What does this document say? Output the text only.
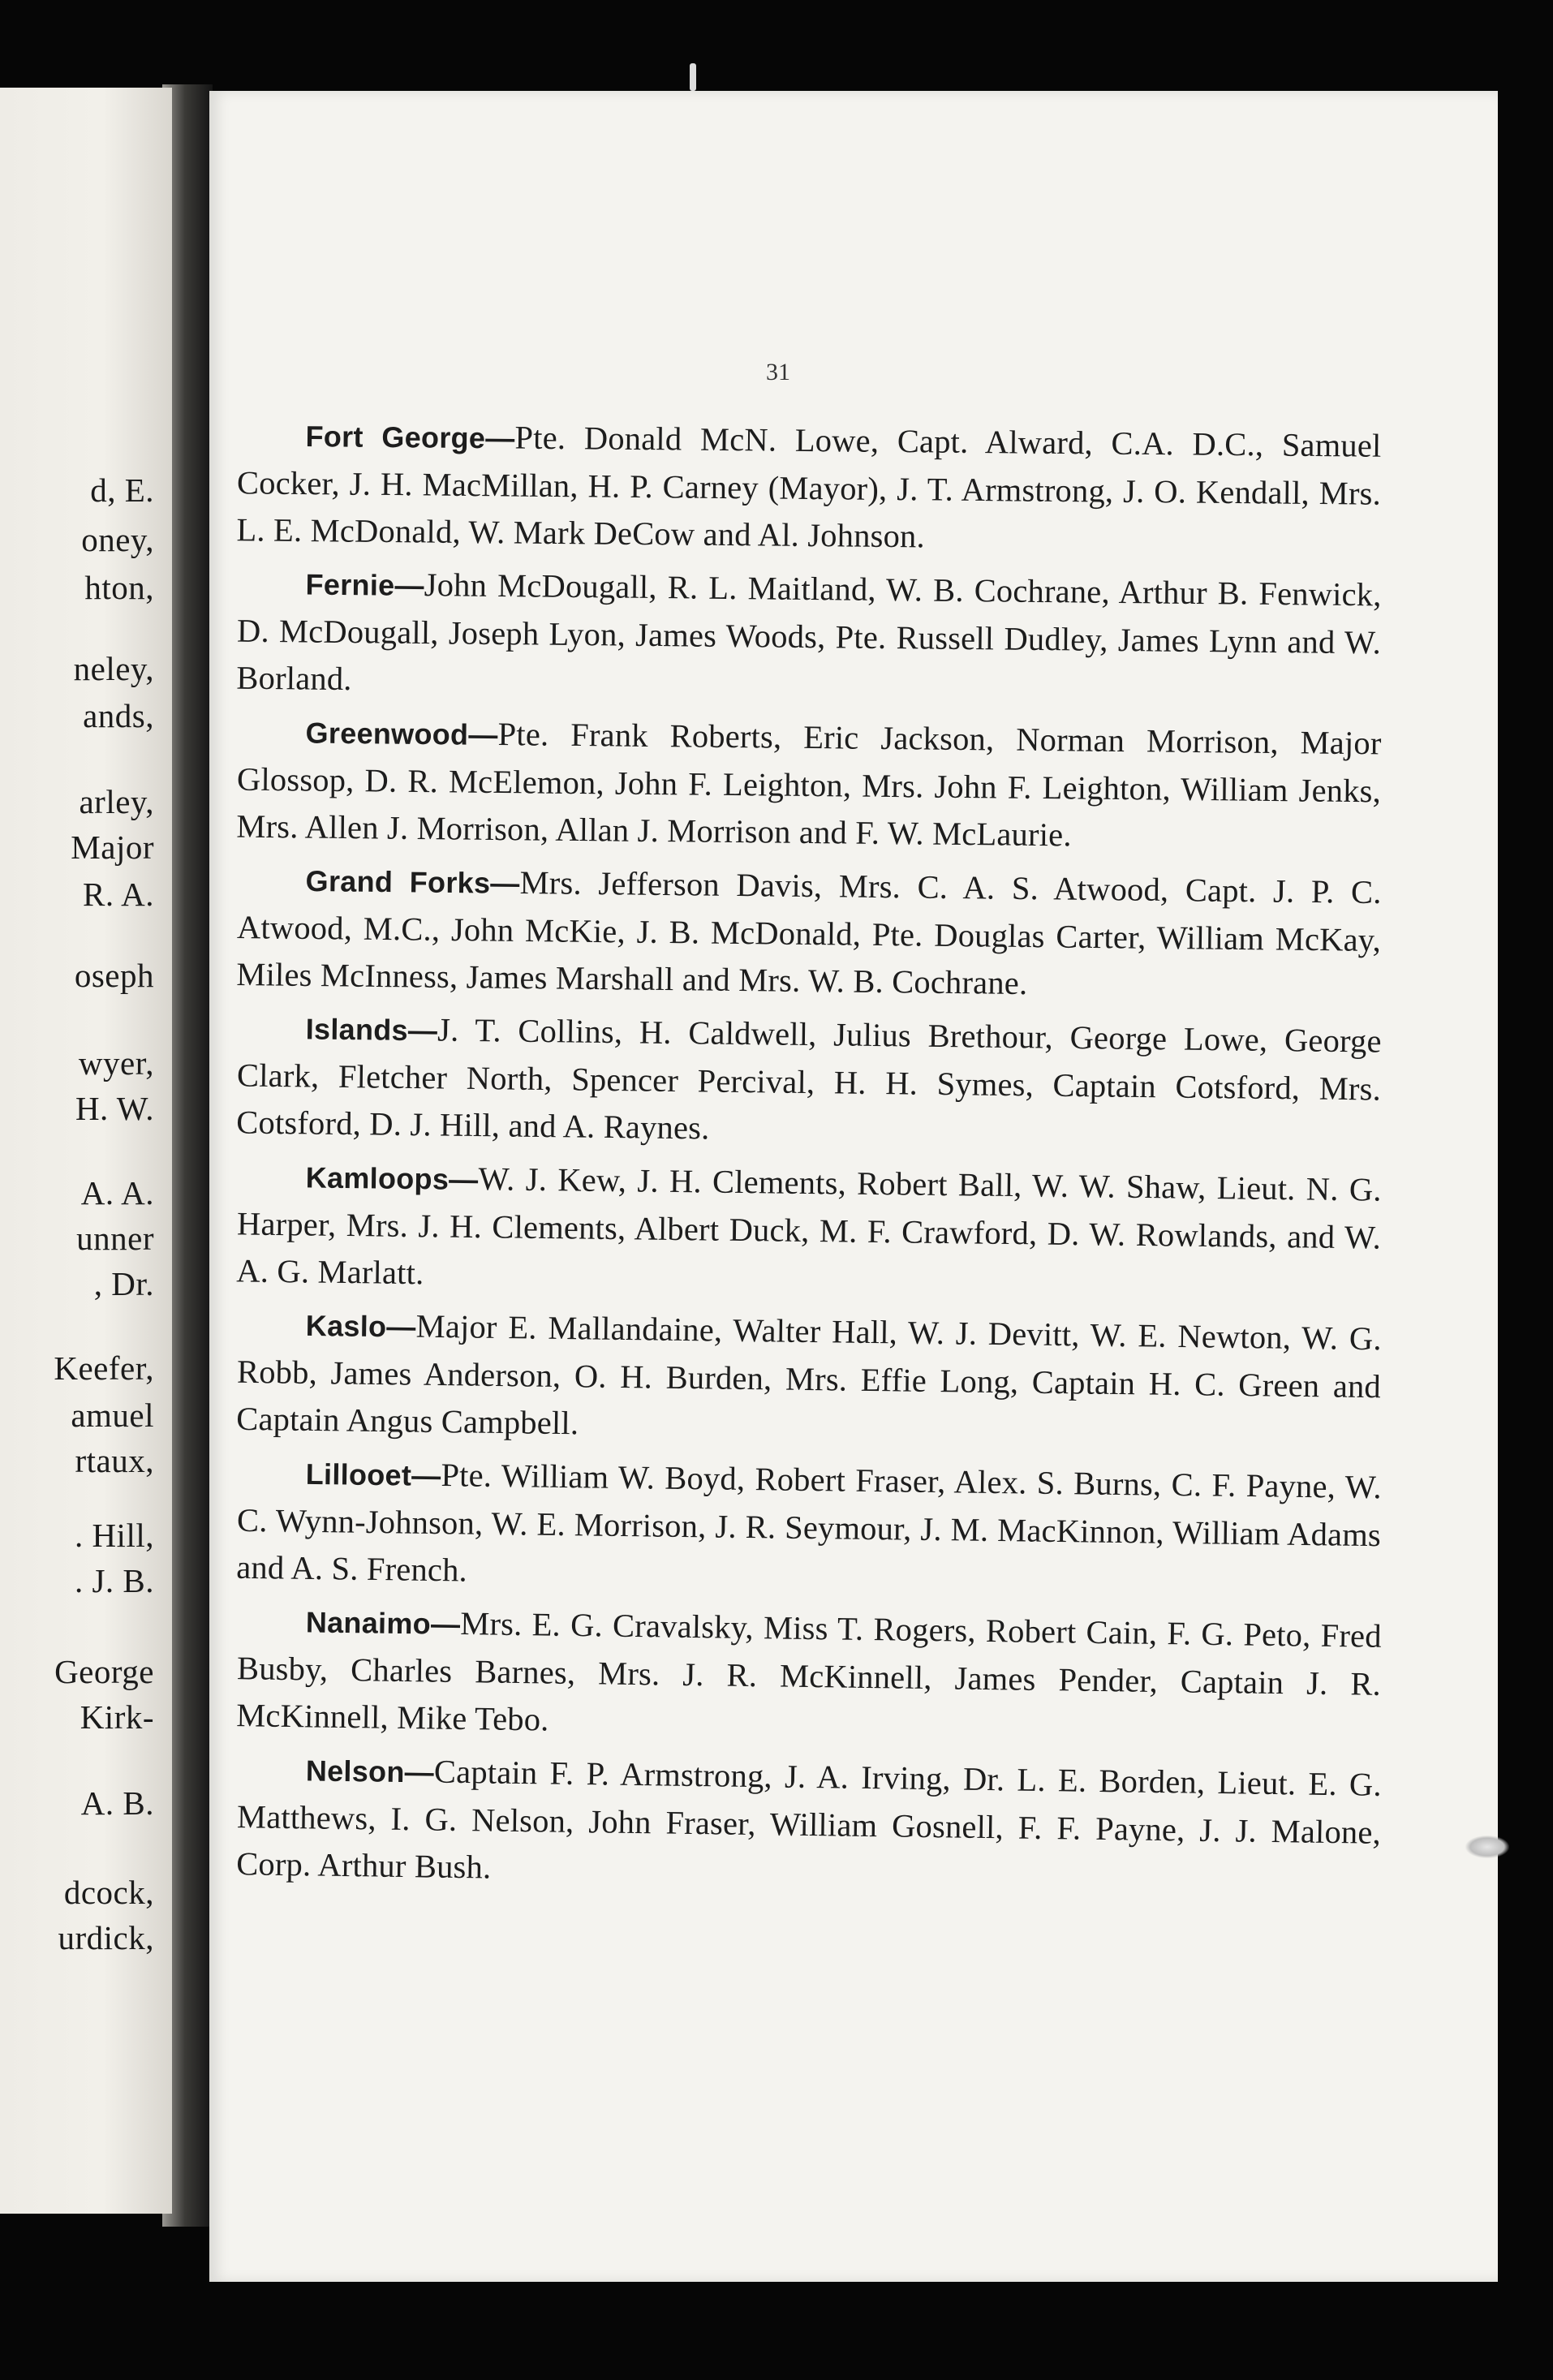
d, E.
oney,
hton,
neley,
ands,
arley,
Major
R. A.
oseph
wyer,
H. W.
A. A.
unner
, Dr.
Keefer,
amuel
rtaux,
. Hill,
. J. B.
George
Kirk-
A. B.
dcock,
urdick,
31

Fort George—Pte. Donald McN. Lowe, Capt. Alward, C.A. D.C., Samuel Cocker, J. H. MacMillan, H. P. Carney (Mayor), J. T. Armstrong, J. O. Kendall, Mrs. L. E. McDonald, W. Mark DeCow and Al. Johnson.

Fernie—John McDougall, R. L. Maitland, W. B. Cochrane, Arthur B. Fenwick, D. McDougall, Joseph Lyon, James Woods, Pte. Russell Dudley, James Lynn and W. Borland.

Greenwood—Pte. Frank Roberts, Eric Jackson, Norman Morrison, Major Glossop, D. R. McElemon, John F. Leighton, Mrs. John F. Leighton, William Jenks, Mrs. Allen J. Morrison, Allan J. Morrison and F. W. McLaurie.

Grand Forks—Mrs. Jefferson Davis, Mrs. C. A. S. Atwood, Capt. J. P. C. Atwood, M.C., John McKie, J. B. McDonald, Pte. Douglas Carter, William McKay, Miles McInness, James Marshall and Mrs. W. B. Cochrane.

Islands—J. T. Collins, H. Caldwell, Julius Brethour, George Lowe, George Clark, Fletcher North, Spencer Percival, H. H. Symes, Captain Cotsford, Mrs. Cotsford, D. J. Hill, and A. Raynes.

Kamloops—W. J. Kew, J. H. Clements, Robert Ball, W. W. Shaw, Lieut. N. G. Harper, Mrs. J. H. Clements, Albert Duck, M. F. Crawford, D. W. Rowlands, and W. A. G. Marlatt.

Kaslo—Major E. Mallandaine, Walter Hall, W. J. Devitt, W. E. Newton, W. G. Robb, James Anderson, O. H. Burden, Mrs. Effie Long, Captain H. C. Green and Captain Angus Campbell.

Lillooet—Pte. William W. Boyd, Robert Fraser, Alex. S. Burns, C. F. Payne, W. C. Wynn-Johnson, W. E. Morrison, J. R. Seymour, J. M. MacKinnon, William Adams and A. S. French.

Nanaimo—Mrs. E. G. Cravalsky, Miss T. Rogers, Robert Cain, F. G. Peto, Fred Busby, Charles Barnes, Mrs. J. R. McKinnell, James Pender, Captain J. R. McKinnell, Mike Tebo.

Nelson—Captain F. P. Armstrong, J. A. Irving, Dr. L. E. Borden, Lieut. E. G. Matthews, I. G. Nelson, John Fraser, William Gosnell, F. F. Payne, J. J. Malone, Corp. Arthur Bush.
